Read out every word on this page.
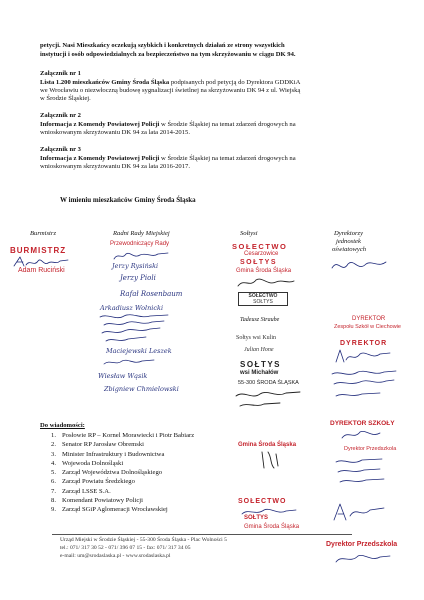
petycji. Nasi Mieszkańcy oczekują szybkich i konkretnych działań ze strony wszystkich
instytucji i osób odpowiedzialnych za bezpieczeństwo na tym skrzyżowaniu w ciągu DK 94.
Załącznik nr 1
Lista 1.200 mieszkańców Gminy Środa Śląska podpisanych pod petycją do Dyrektora GDDKiA
we Wrocławiu o niezwłoczną budowę sygnalizacji świetlnej na skrzyżowaniu DK 94 z ul. Wiejską
w Środzie Śląskiej.
Załącznik nr 2
Informacja z Komendy Powiatowej Policji w Środzie Śląskiej na temat zdarzeń drogowych na
wnioskowanym skrzyżowaniu DK 94 za lata 2014-2015.
Załącznik nr 3
Informacja z Komendy Powiatowej Policji w Środzie Śląskiej na temat zdarzeń drogowych na
wnioskowanym skrzyżowaniu DK 94 za lata 2016-2017.
W imieniu mieszkańców Gminy Środa Śląska
Burmistrz	Radni Rady Miejskiej	Sołtysi	Dyrektorzy
jednostek
oświatowych
BURMISTRZ
Adam Ruciński
Przewodniczący Rady
Jerzy Rysiński
Jerzy Pioli
Rafał Rosenbaum
Arkadiusz Wolnicki
Maciejewski Leszek
Wiesław Wąsik
Zbigniew Chmielowski
SOŁECTWO
Cesarzowice
SOŁTYS
Gmina Środa Śląska
SOŁECTWO
SOŁTYS
Tadeusz Straube
Sołtys wsi Kulin
Julian Hone
SOŁTYS
wsi Michałów
55-300 ŚRODA ŚLĄSKA
Gmina Środa Śląska
SOŁECTWO
SOŁTYS
Gmina Środa Śląska
DYREKTOR
Zespołu Szkół w Ciechowie
DYREKTOR
DYREKTOR SZKOŁY
Dyrektor Przedszkola
Dyrektor Przedszkola
Do wiadomości:
1. Posłowie RP – Kornel Morawiecki i Piotr Babiarz
2. Senator RP Jarosław Obremski
3. Minister Infrastruktury i Budownictwa
4. Wojewoda Dolnośląski
5. Zarząd Województwa Dolnośląskiego
6. Zarząd Powiatu Średzkiego
7. Zarząd LSSE S.A.
8. Komendant Powiatowy Policji
9. Zarząd SGiP Aglomeracji Wrocławskiej
Urząd Miejski w Środzie Śląskiej - 55-300 Środa Śląska - Plac Wolności 5
tel.: 071/ 317 30 52 - 071/ 396 07 15 - fax: 071/ 317 34 05
e-mail: um@srodaslaska.pl - www.srodaslaska.pl
